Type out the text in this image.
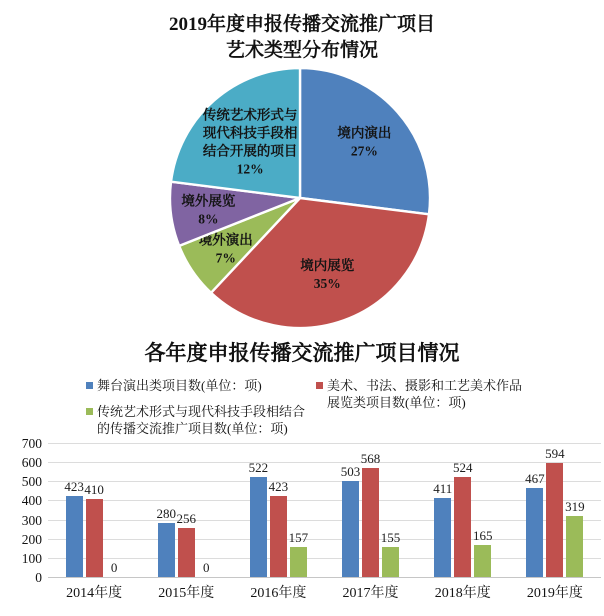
2019年度申报传播交流推广项目
艺术类型分布情况
境内演出
27%
境内展览
35%
境外演出
7%
境外展览
8%
传统艺术形式与
现代科技手段相
结合开展的项目
12%
各年度申报传播交流推广项目情况
舞台演出类项目数(单位：项)	美术、书法、摄影和工艺美术作品
展览类项目数(单位：项)
传统艺术形式与现代科技手段相结合
的传播交流推广项目数(单位：项)
0
100
200
300
400
500
600
700
423 410
0
280 256
0
522
423
157
503
568
155
411
524
165
467
594
319
2014年度	2015年度	2016年度	2017年度	2018年度	2019年度
